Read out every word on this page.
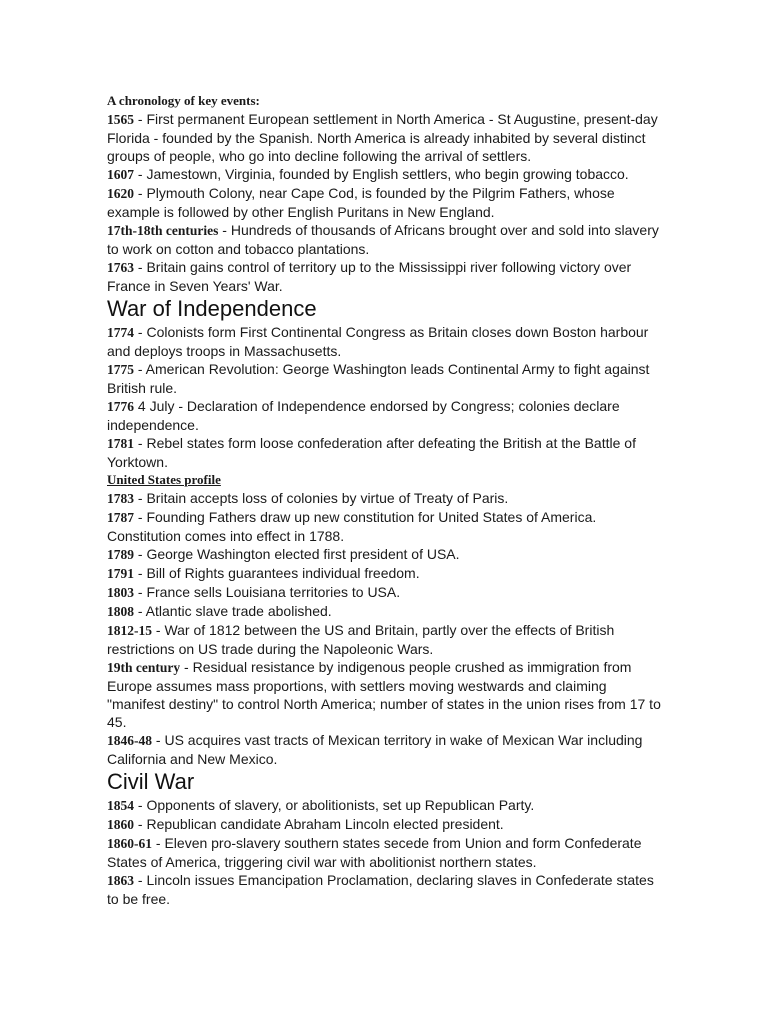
A chronology of key events:

1565 - First permanent European settlement in North America - St Augustine, present-day Florida - founded by the Spanish. North America is already inhabited by several distinct groups of people, who go into decline following the arrival of settlers.

1607 - Jamestown, Virginia, founded by English settlers, who begin growing tobacco.

1620 - Plymouth Colony, near Cape Cod, is founded by the Pilgrim Fathers, whose example is followed by other English Puritans in New England.

17th-18th centuries - Hundreds of thousands of Africans brought over and sold into slavery to work on cotton and tobacco plantations.

1763 - Britain gains control of territory up to the Mississippi river following victory over France in Seven Years' War.

War of Independence

1774 - Colonists form First Continental Congress as Britain closes down Boston harbour and deploys troops in Massachusetts.

1775 - American Revolution: George Washington leads Continental Army to fight against British rule.

1776 4 July - Declaration of Independence endorsed by Congress; colonies declare independence.

1781 - Rebel states form loose confederation after defeating the British at the Battle of Yorktown.

United States profile

1783 - Britain accepts loss of colonies by virtue of Treaty of Paris.

1787 - Founding Fathers draw up new constitution for United States of America. Constitution comes into effect in 1788.

1789 - George Washington elected first president of USA.

1791 - Bill of Rights guarantees individual freedom.

1803 - France sells Louisiana territories to USA.

1808 - Atlantic slave trade abolished.

1812-15 - War of 1812 between the US and Britain, partly over the effects of British restrictions on US trade during the Napoleonic Wars.

19th century - Residual resistance by indigenous people crushed as immigration from Europe assumes mass proportions, with settlers moving westwards and claiming "manifest destiny" to control North America; number of states in the union rises from 17 to 45.

1846-48 - US acquires vast tracts of Mexican territory in wake of Mexican War including California and New Mexico.

Civil War

1854 - Opponents of slavery, or abolitionists, set up Republican Party.

1860 - Republican candidate Abraham Lincoln elected president.

1860-61 - Eleven pro-slavery southern states secede from Union and form Confederate States of America, triggering civil war with abolitionist northern states.

1863 - Lincoln issues Emancipation Proclamation, declaring slaves in Confederate states to be free.
